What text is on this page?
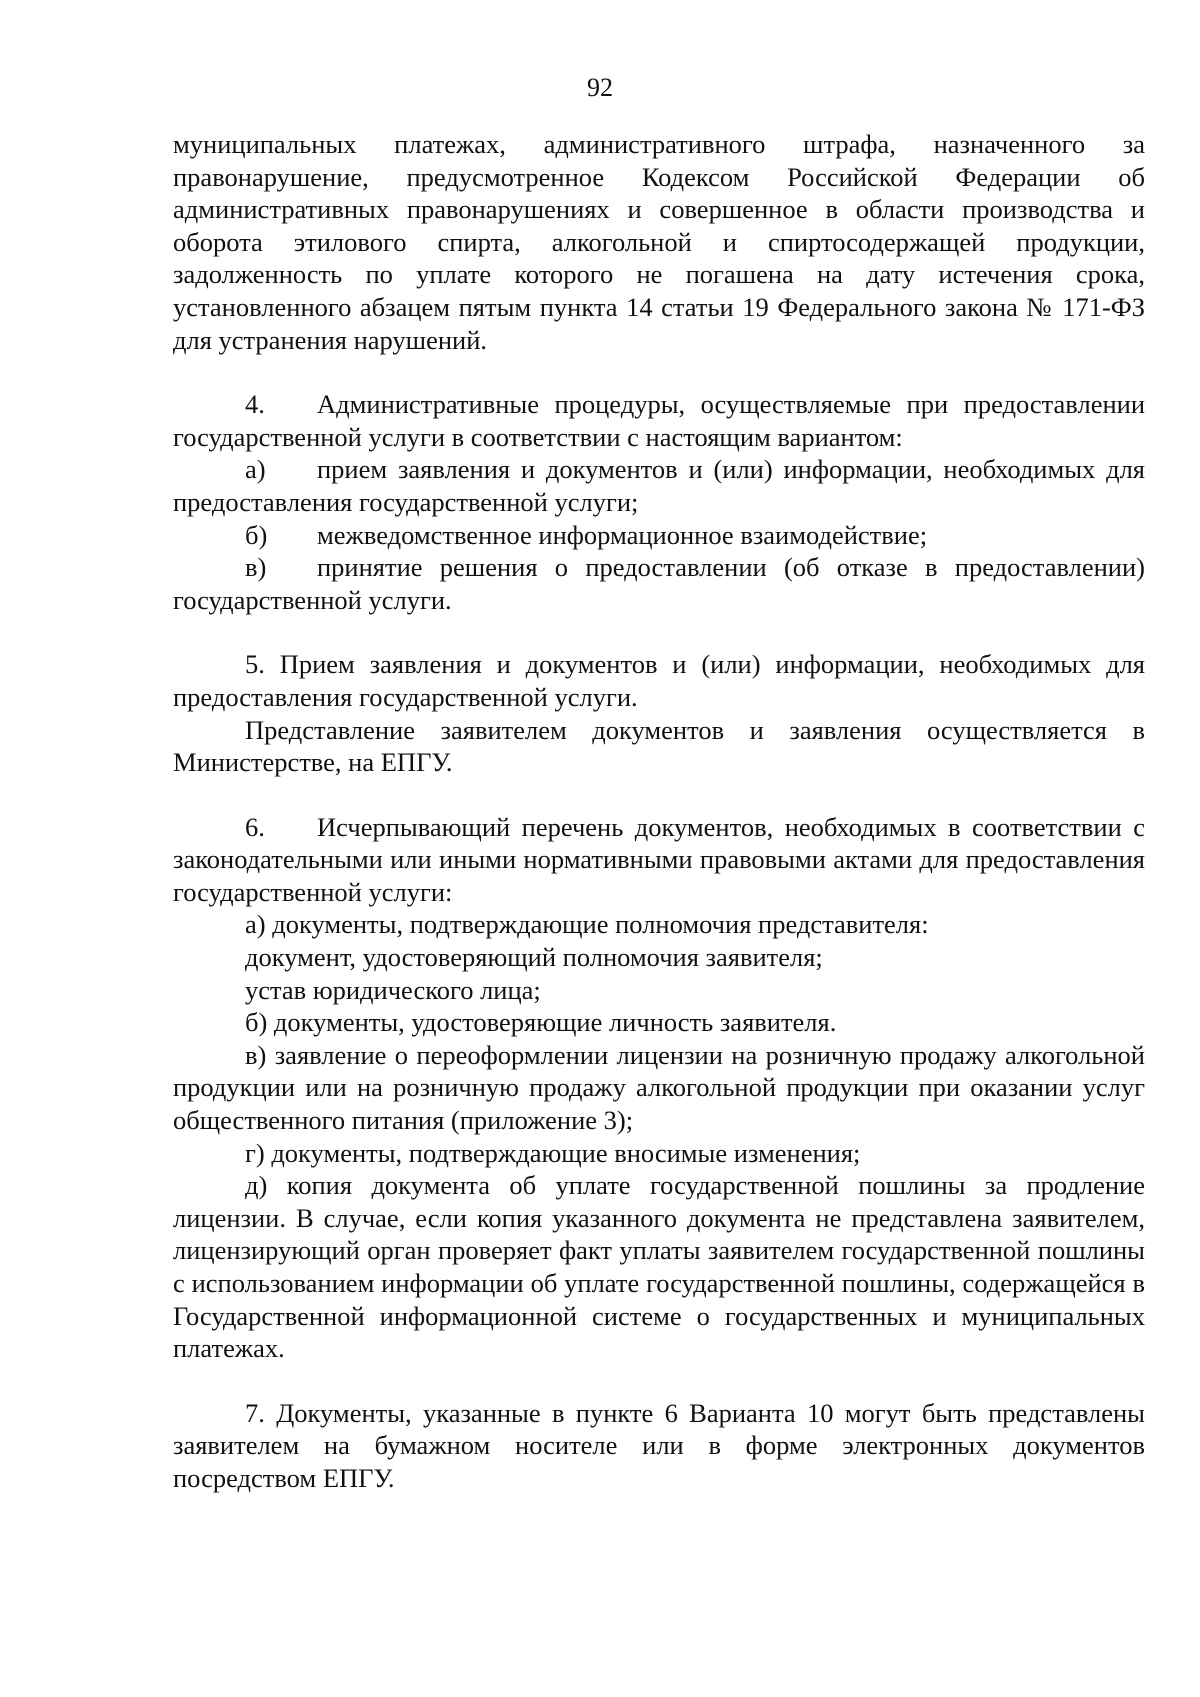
92

муниципальных платежах, административного штрафа, назначенного за правонарушение, предусмотренное Кодексом Российской Федерации об административных правонарушениях и совершенное в области производства и оборота этилового спирта, алкогольной и спиртосодержащей продукции, задолженность по уплате которого не погашена на дату истечения срока, установленного абзацем пятым пункта 14 статьи 19 Федерального закона № 171-ФЗ для устранения нарушений.

4. Административные процедуры, осуществляемые при предоставлении государственной услуги в соответствии с настоящим вариантом:

а) прием заявления и документов и (или) информации, необходимых для предоставления государственной услуги;

б) межведомственное информационное взаимодействие;

в) принятие решения о предоставлении (об отказе в предоставлении) государственной услуги.

5. Прием заявления и документов и (или) информации, необходимых для предоставления государственной услуги.

Представление заявителем документов и заявления осуществляется в Министерстве, на ЕПГУ.

6. Исчерпывающий перечень документов, необходимых в соответствии с законодательными или иными нормативными правовыми актами для предоставления государственной услуги:

а) документы, подтверждающие полномочия представителя:

документ, удостоверяющий полномочия заявителя;

устав юридического лица;

б) документы, удостоверяющие личность заявителя.

в) заявление о переоформлении лицензии на розничную продажу алкогольной продукции или на розничную продажу алкогольной продукции при оказании услуг общественного питания (приложение 3);

г) документы, подтверждающие вносимые изменения;

д) копия документа об уплате государственной пошлины за продление лицензии. В случае, если копия указанного документа не представлена заявителем, лицензирующий орган проверяет факт уплаты заявителем государственной пошлины с использованием информации об уплате государственной пошлины, содержащейся в Государственной информационной системе о государственных и муниципальных платежах.

7. Документы, указанные в пункте 6 Варианта 10 могут быть представлены заявителем на бумажном носителе или в форме электронных документов посредством ЕПГУ.
